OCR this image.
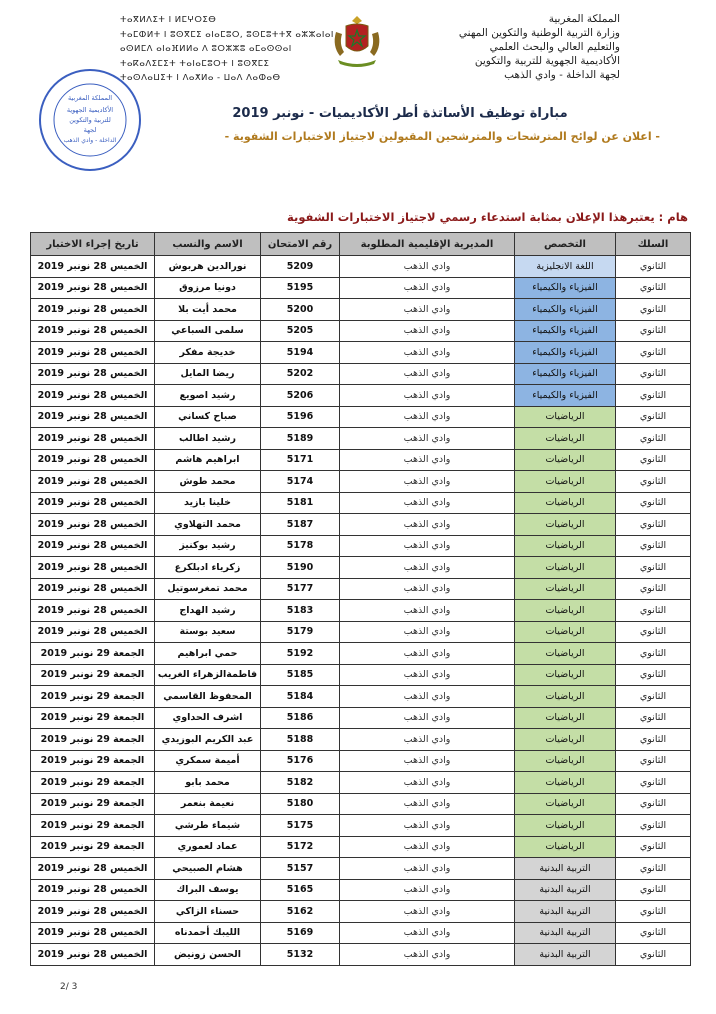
المملكة المغربية
وزارة التربية الوطنية والتكوين المهني
والتعليم العالي والبحث العلمي
الأكاديمية الجهوية للتربية والتكوين
لجهة الداخلة - وادي الذهب
ⵜⴰⴳⵍⴷⵉⵜ ⵏ ⵍⵎⵖⵔⵉⴱ
ⵜⴰⵎⵀⵍⵜ ⵏ ⵓⵙⴳⵎⵉ ⴰⵏⴰⵎⵓⵔ, ⵓⵙⵎⵓⵜⵜⴳ ⴰⵣⵣⴰⵏⴰⵏ
ⴰⵙⵍⵎⴷ ⴰⵏⴰⴼⵍⵍⴰ ⴷ ⵓⵔⵣⵣⵓ ⴰⵎⴰⵙⵙⴰⵏ
ⵜⴰⴽⴰⴷⵉⵎⵉⵜ ⵜⴰⵏⴰⵎⵓⵔⵜ ⵏ ⵓⵙⴳⵎⵉ
ⵜⴰⵙⴷⴰⵡⵉⵜ ⵏ ⴷⴰⵅⵍⴰ - ⵡⴰⴷ ⴷⴰⵀⴰⴱ
المملكة المغربية
الأكاديمية الجهوية
للتربية والتكوين
لجهة
الداخلة - وادي الذهب
مباراة توظيف الأساتذة أطر الأكاديميات - نونبر 2019
- اعلان عن لوائح المترشحات والمترشحين المقبولين لاجتياز الاختبارات الشفوية -
هام : يعتبرهذا الإعلان بمثابة استدعاء رسمي لاجتياز الاختبارات الشفوية
السلك	التخصص	المديرية الإقليمية المطلوبة	رقم الامتحان	الاسم والنسب	تاريخ إجراء الاختبار
الثانوي	اللغة الانجليزية	وادي الذهب	5209	نورالدين هربوش	الخميس 28 نونبر 2019
الثانوي	الفيزياء والكيمياء	وادي الذهب	5195	دونيا مرزوق	الخميس 28 نونبر 2019
الثانوي	الفيزياء والكيمياء	وادي الذهب	5200	محمد أيت بلا	الخميس 28 نونبر 2019
الثانوي	الفيزياء والكيمياء	وادي الذهب	5205	سلمى السباعي	الخميس 28 نونبر 2019
الثانوي	الفيزياء والكيمياء	وادي الذهب	5194	خديجة مفكر	الخميس 28 نونبر 2019
الثانوي	الفيزياء والكيمياء	وادي الذهب	5202	ريضا المايل	الخميس 28 نونبر 2019
الثانوي	الفيزياء والكيمياء	وادي الذهب	5206	رشيد اصويع	الخميس 28 نونبر 2019
الثانوي	الرياضيات	وادي الذهب	5196	صباح كساني	الخميس 28 نونبر 2019
الثانوي	الرياضيات	وادي الذهب	5189	رشيد اطالب	الخميس 28 نونبر 2019
الثانوي	الرياضيات	وادي الذهب	5171	ابراهيم هاشم	الخميس 28 نونبر 2019
الثانوي	الرياضيات	وادي الذهب	5174	محمد طوش	الخميس 28 نونبر 2019
الثانوي	الرياضيات	وادي الذهب	5181	خلينا بازيد	الخميس 28 نونبر 2019
الثانوي	الرياضيات	وادي الذهب	5187	محمد التهلاوي	الخميس 28 نونبر 2019
الثانوي	الرياضيات	وادي الذهب	5178	رشيد بوكنيز	الخميس 28 نونبر 2019
الثانوي	الرياضيات	وادي الذهب	5190	زكرياء ادبلكرع	الخميس 28 نونبر 2019
الثانوي	الرياضيات	وادي الذهب	5177	محمد تمغرسوتيل	الخميس 28 نونبر 2019
الثانوي	الرياضيات	وادي الذهب	5183	رشيد الهداج	الخميس 28 نونبر 2019
الثانوي	الرياضيات	وادي الذهب	5179	سعيد بوستة	الخميس 28 نونبر 2019
الثانوي	الرياضيات	وادي الذهب	5192	حمي ابراهيم	الجمعة 29 نونبر 2019
الثانوي	الرياضيات	وادي الذهب	5185	فاطمةالزهراء الغريب	الجمعة 29 نونبر 2019
الثانوي	الرياضيات	وادي الذهب	5184	المحفوظ القاسمي	الجمعة 29 نونبر 2019
الثانوي	الرياضيات	وادي الذهب	5186	اشرف الحداوي	الجمعة 29 نونبر 2019
الثانوي	الرياضيات	وادي الذهب	5188	عبد الكريم البوزيدي	الجمعة 29 نونبر 2019
الثانوي	الرياضيات	وادي الذهب	5176	أميمة سمكري	الجمعة 29 نونبر 2019
الثانوي	الرياضيات	وادي الذهب	5182	محمد بابو	الجمعة 29 نونبر 2019
الثانوي	الرياضيات	وادي الذهب	5180	نعيمة بنعمر	الجمعة 29 نونبر 2019
الثانوي	الرياضيات	وادي الذهب	5175	شيماء طرشي	الجمعة 29 نونبر 2019
الثانوي	الرياضيات	وادي الذهب	5172	عماد لعموري	الجمعة 29 نونبر 2019
الثانوي	التربية البدنية	وادي الذهب	5157	هشام الصبيحي	الخميس 28 نونبر 2019
الثانوي	التربية البدنية	وادي الذهب	5165	يوسف البراك	الخميس 28 نونبر 2019
الثانوي	التربية البدنية	وادي الذهب	5162	حسناء الزاكي	الخميس 28 نونبر 2019
الثانوي	التربية البدنية	وادي الذهب	5169	الليبك أحمدناه	الخميس 28 نونبر 2019
الثانوي	التربية البدنية	وادي الذهب	5132	الحسن زونيض	الخميس 28 نونبر 2019
2/ 3
